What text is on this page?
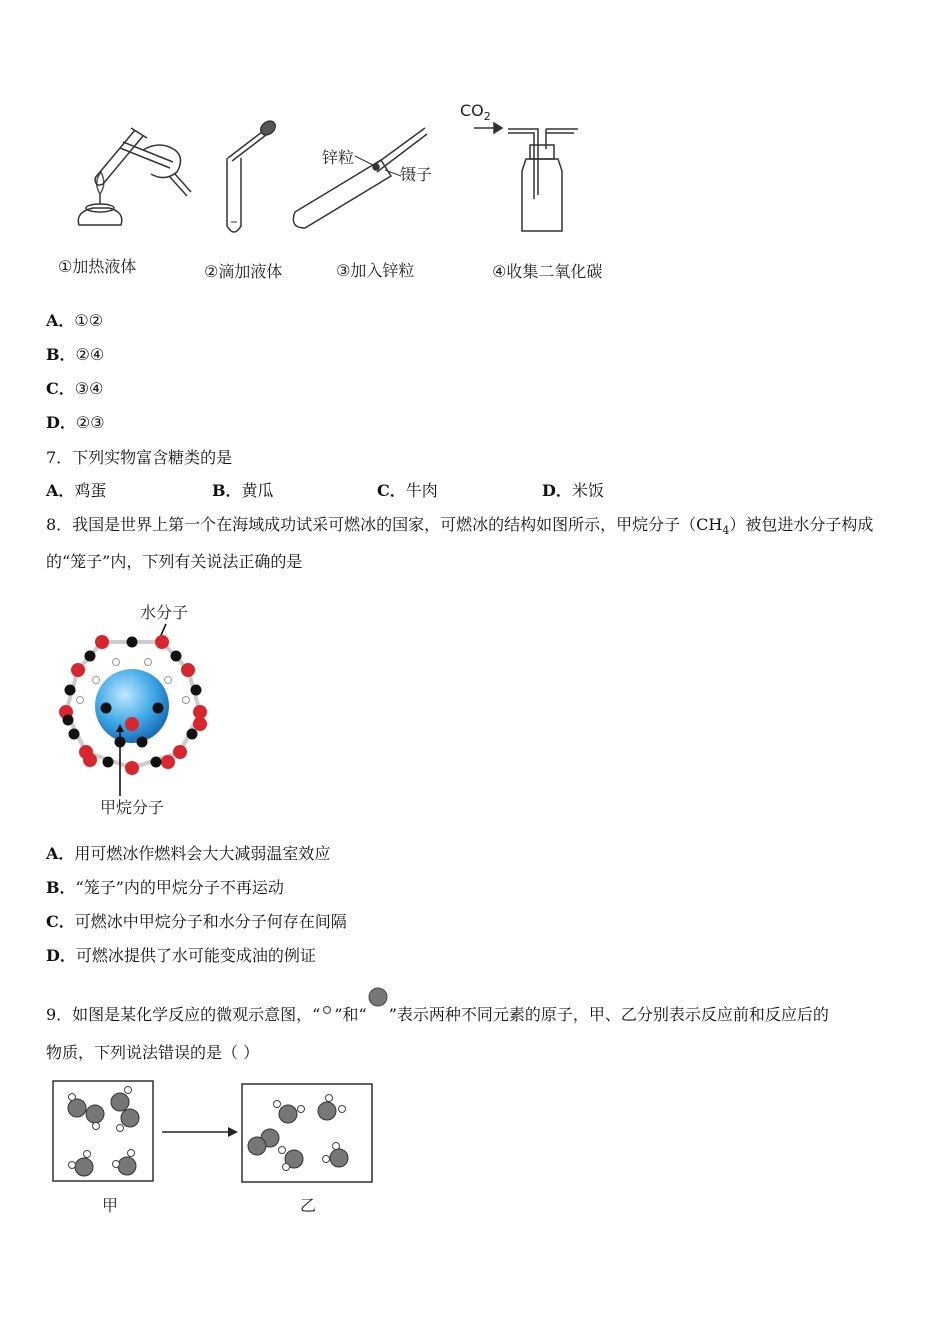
锌粒
镊子
$CO_2$
①加热液体	②滴加液体	③加入锌粒	④收集二氧化碳
A．①②
B．②④
C．③④
D．②③
7．下列实物富含糖类的是
A．鸡蛋	B．黄瓜	C．牛肉	D．米饭
8．我国是世界上第一个在海域成功试采可燃冰的国家，可燃冰的结构如图所示，甲烷分子$(CH_4)$被包进水分子构成
的“笼子”内，下列有关说法正确的是
水分子
甲烷分子
A．用可燃冰作燃料会大大减弱温室效应
B．“笼子”内的甲烷分子不再运动
C．可燃冰中甲烷分子和水分子何存在间隔
D．可燃冰提供了水可能变成油的例证
9．如图是某化学反应的微观示意图，“ ”和“ ”表示两种不同元素的原子，甲、乙分别表示反应前和反应后的
物质，下列说法错误的是（ ）
甲	乙
